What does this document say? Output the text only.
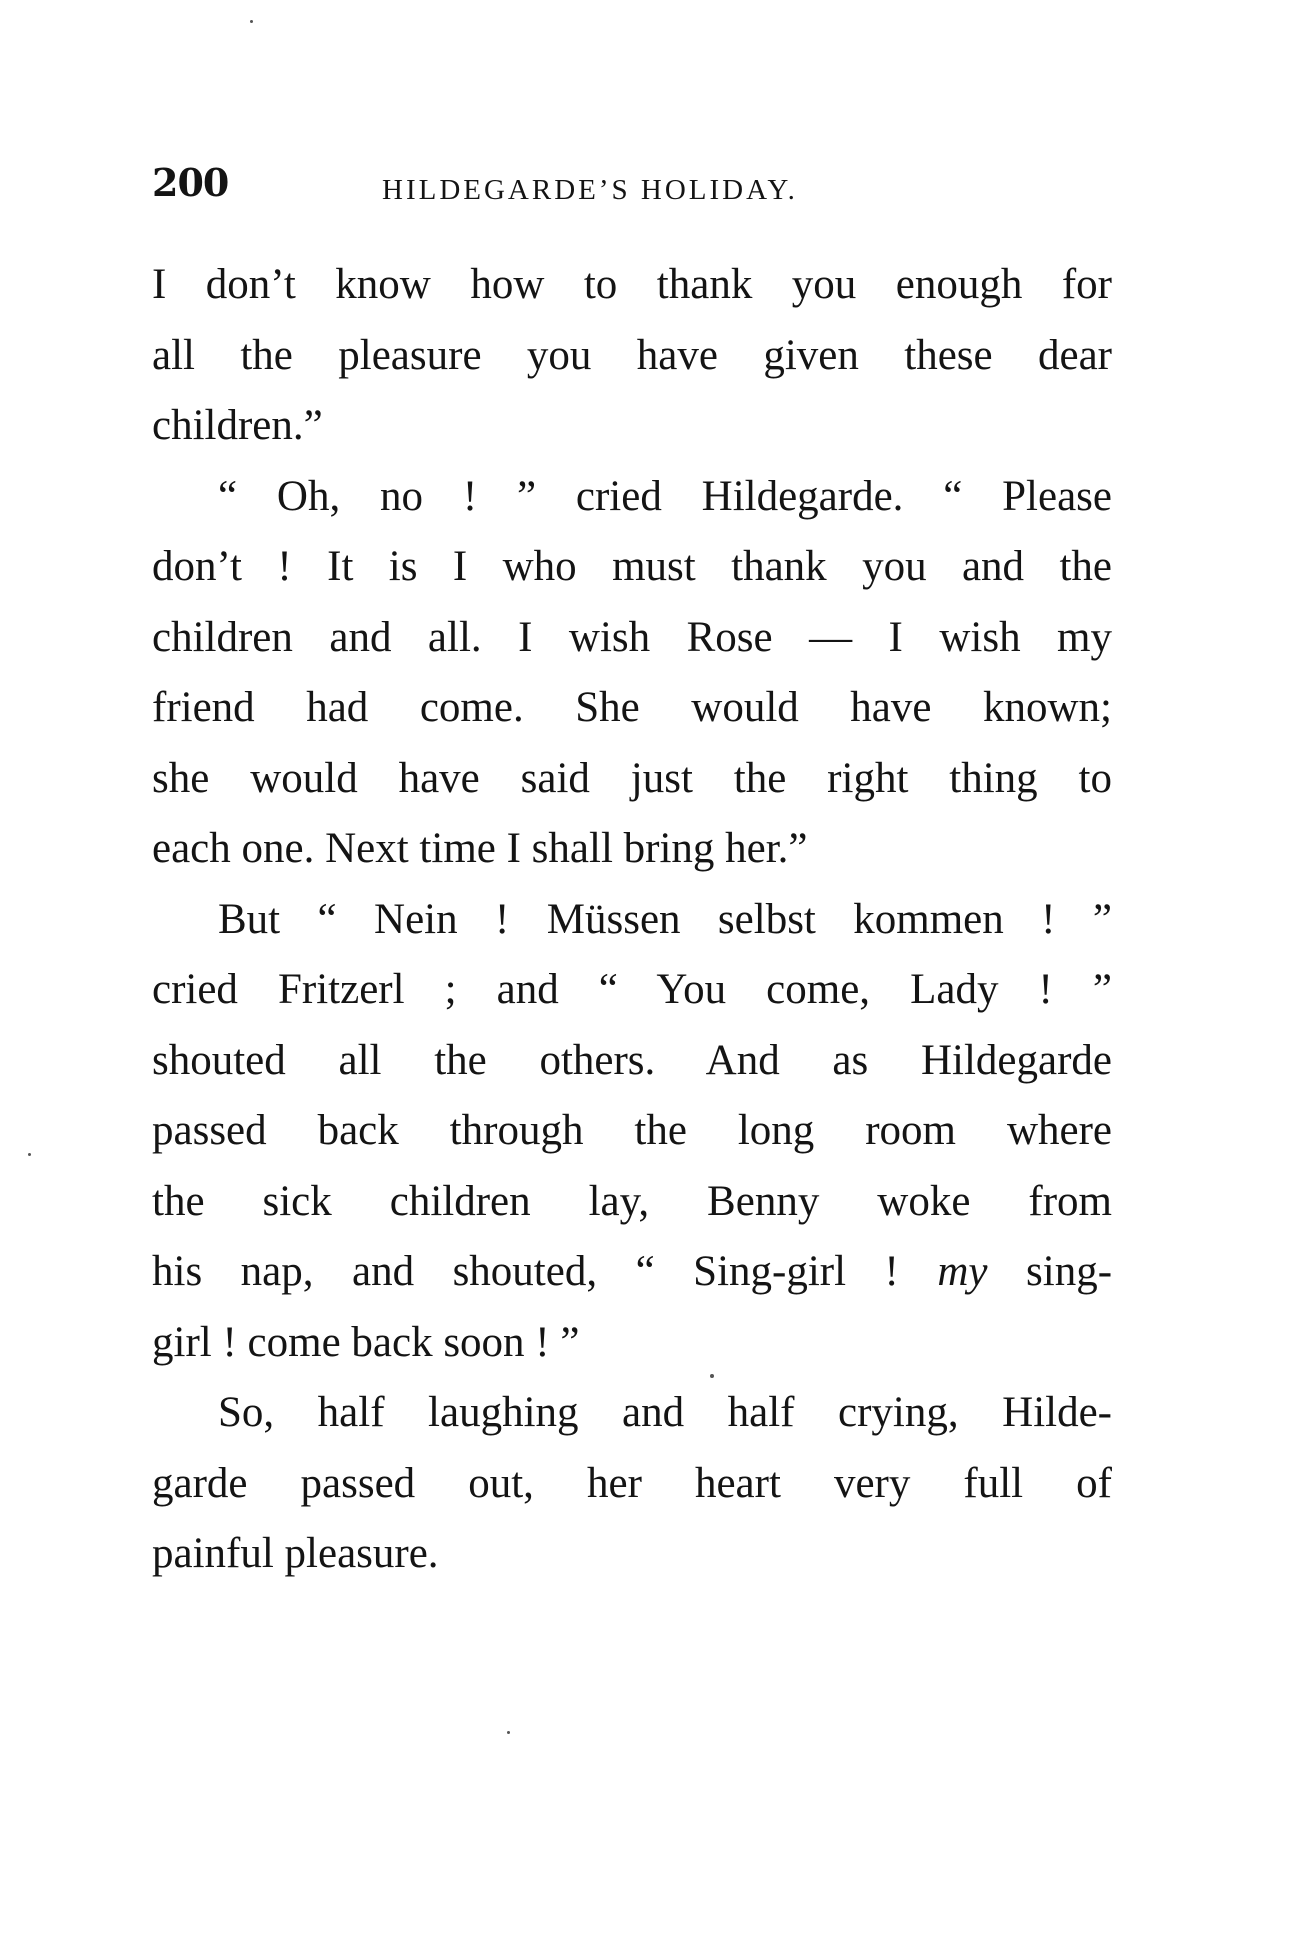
200	HILDEGARDE’S HOLIDAY.
I don’t know how to thank you enough for
all the pleasure you have given these dear
children.”
“ Oh, no ! ” cried Hildegarde. “ Please
don’t ! It is I who must thank you and the
children and all. I wish Rose — I wish my
friend had come. She would have known;
she would have said just the right thing to
each one. Next time I shall bring her.”
But “ Nein ! Müssen selbst kommen ! ”
cried Fritzerl ; and “ You come, Lady ! ”
shouted all the others. And as Hildegarde
passed back through the long room where
the sick children lay, Benny woke from
his nap, and shouted, “ Sing-girl ! my sing-
girl ! come back soon ! ”
So, half laughing and half crying, Hilde-
garde passed out, her heart very full of
painful pleasure.
